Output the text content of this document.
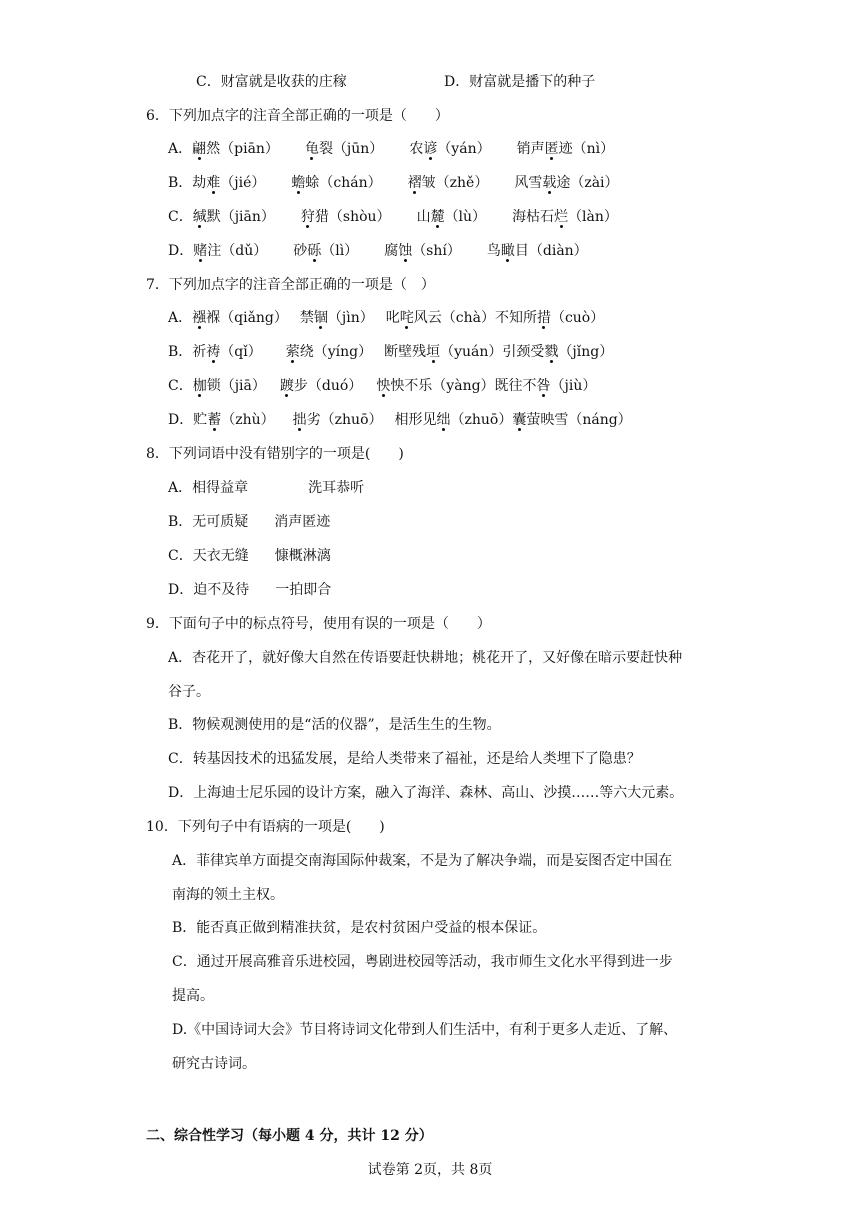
C．财富就是收获的庄稼	D．财富就是播下的种子
6．下列加点字的注音全部正确的一项是（　　）
A．翩然（piān） 龟裂（jūn） 农谚（yán） 销声匿迹（nì）
B．劫难（jié） 蟾蜍（chán） 褶皱（zhě） 风雪载途（zài）
C．缄默（jiān） 狩猎（shòu） 山麓（lù） 海枯石烂（làn）
D．赌注（dǔ） 砂砾（lì） 腐蚀（shí） 鸟瞰目（diàn）
7．下列加点字的注音全部正确的一项是（　）
A．襁褓（qiǎng） 禁锢（jìn） 叱咤风云（chà）不知所措（cuò）
B．祈祷（qǐ） 萦绕（yíng） 断壁残垣（yuán）引颈受戮（jǐng）
C．枷锁（jiā） 踱步（duó） 怏怏不乐（yàng）既往不咎（jiù）
D．贮蓄（zhù） 拙劣（zhuō） 相形见绌（zhuō）囊萤映雪（náng）
8．下列词语中没有错别字的一项是(　　)
A．相得益章	洗耳恭听
B．无可质疑 消声匿迹
C．天衣无缝 慷概淋漓
D．迫不及待 一拍即合
9．下面句子中的标点符号，使用有误的一项是（　　）
A．杏花开了，就好像大自然在传语要赶快耕地；桃花开了，又好像在暗示要赶快种
谷子。
B．物候观测使用的是“活的仪器”，是活生生的生物。
C．转基因技术的迅猛发展，是给人类带来了福祉，还是给人类埋下了隐患？
D．上海迪士尼乐园的设计方案，融入了海洋、森林、高山、沙摸……等六大元素。
10．下列句子中有语病的一项是(　　)
A．菲律宾单方面提交南海国际仲裁案，不是为了解决争端，而是妄图否定中国在
南海的领土主权。
B．能否真正做到精准扶贫，是农村贫困户受益的根本保证。
C．通过开展高雅音乐进校园，粤剧进校园等活动，我市师生文化水平得到进一步
提高。
D.《中国诗词大会》节目将诗词文化带到人们生活中，有利于更多人走近、了解、
研究古诗词。
二、综合性学习（每小题 4 分，共计 12 分）
试卷第 2页，共 8页
